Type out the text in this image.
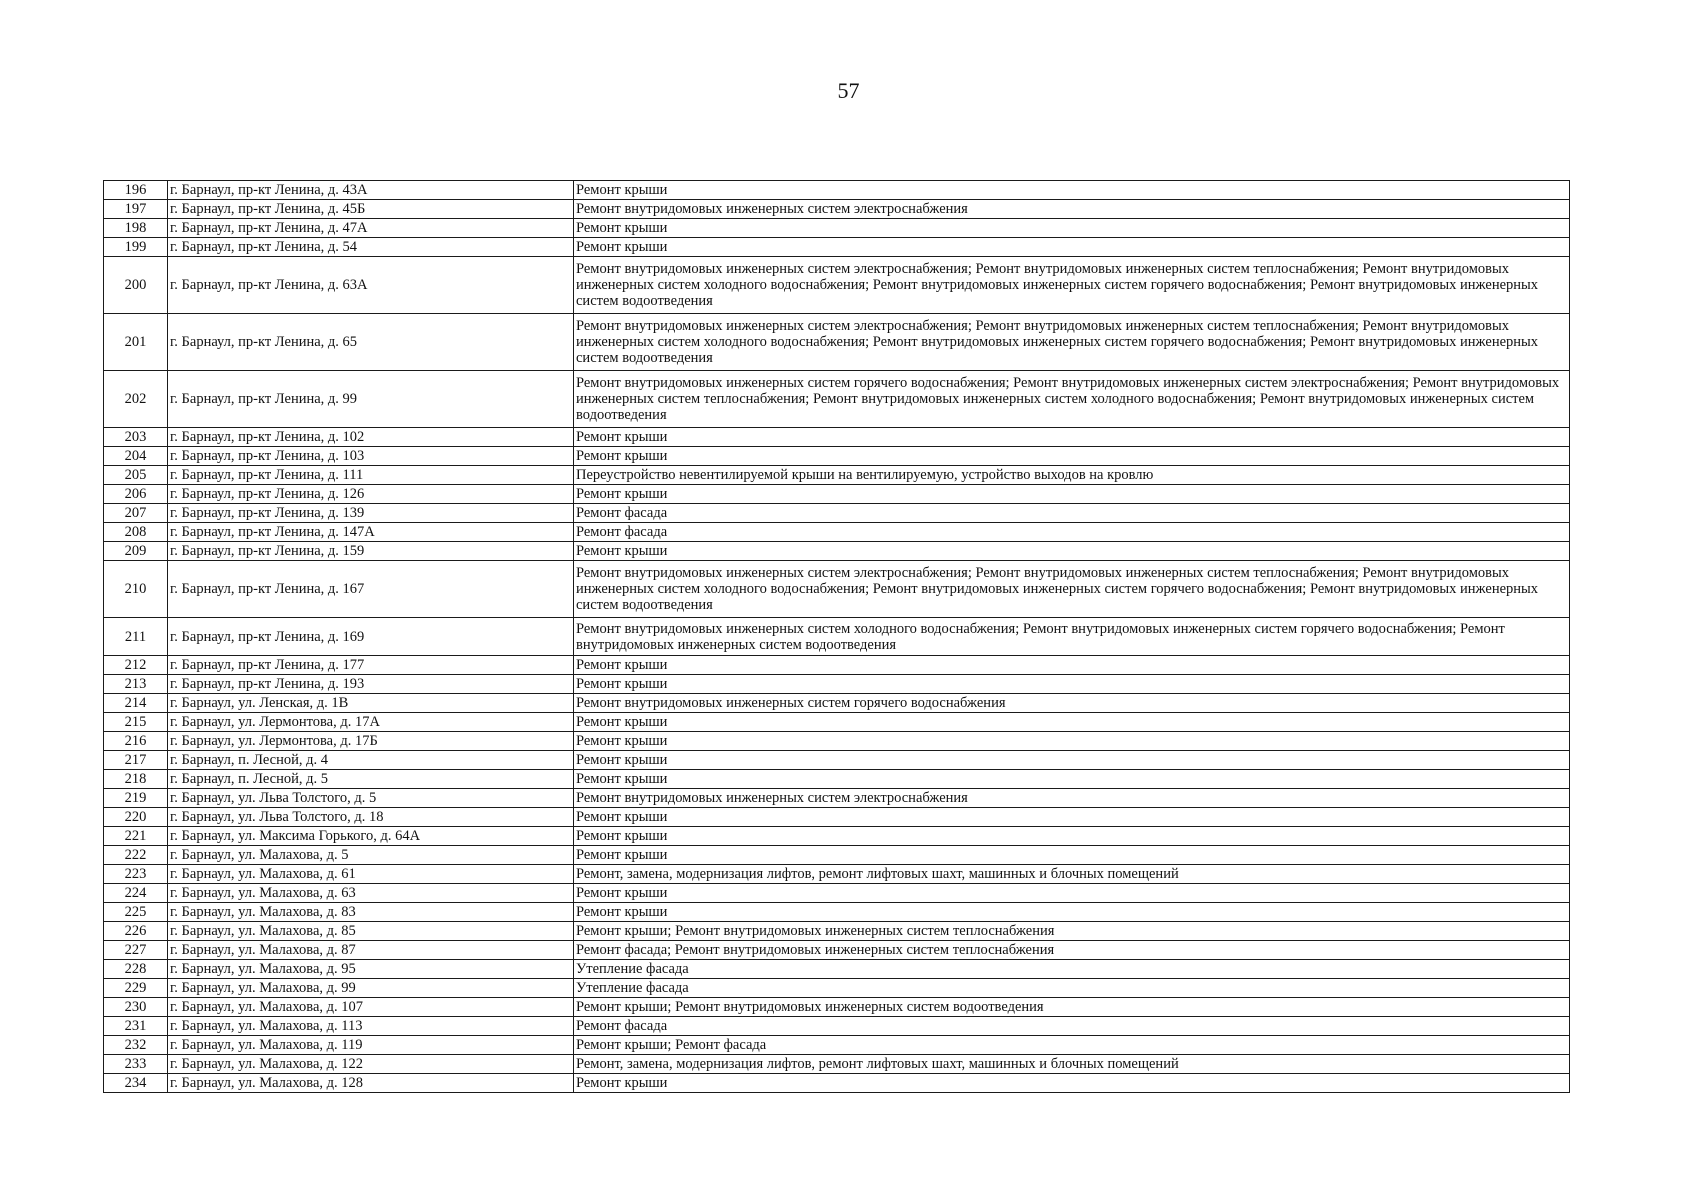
57
196	г. Барнаул, пр-кт Ленина, д. 43А	Ремонт крыши
197	г. Барнаул, пр-кт Ленина, д. 45Б	Ремонт внутридомовых инженерных систем электроснабжения
198	г. Барнаул, пр-кт Ленина, д. 47А	Ремонт крыши
199	г. Барнаул, пр-кт Ленина, д. 54	Ремонт крыши
200	г. Барнаул, пр-кт Ленина, д. 63А	Ремонт внутридомовых инженерных систем электроснабжения; Ремонт внутридомовых инженерных систем теплоснабжения; Ремонт внутридомовых инженерных систем холодного водоснабжения; Ремонт внутридомовых инженерных систем горячего водоснабжения; Ремонт внутридомовых инженерных систем водоотведения
201	г. Барнаул, пр-кт Ленина, д. 65	Ремонт внутридомовых инженерных систем электроснабжения; Ремонт внутридомовых инженерных систем теплоснабжения; Ремонт внутридомовых инженерных систем холодного водоснабжения; Ремонт внутридомовых инженерных систем горячего водоснабжения; Ремонт внутридомовых инженерных систем водоотведения
202	г. Барнаул, пр-кт Ленина, д. 99	Ремонт внутридомовых инженерных систем горячего водоснабжения; Ремонт внутридомовых инженерных систем электроснабжения; Ремонт внутридомовых инженерных систем теплоснабжения; Ремонт внутридомовых инженерных систем холодного водоснабжения; Ремонт внутридомовых инженерных систем водоотведения
203	г. Барнаул, пр-кт Ленина, д. 102	Ремонт крыши
204	г. Барнаул, пр-кт Ленина, д. 103	Ремонт крыши
205	г. Барнаул, пр-кт Ленина, д. 111	Переустройство невентилируемой крыши на вентилируемую, устройство выходов на кровлю
206	г. Барнаул, пр-кт Ленина, д. 126	Ремонт крыши
207	г. Барнаул, пр-кт Ленина, д. 139	Ремонт фасада
208	г. Барнаул, пр-кт Ленина, д. 147А	Ремонт фасада
209	г. Барнаул, пр-кт Ленина, д. 159	Ремонт крыши
210	г. Барнаул, пр-кт Ленина, д. 167	Ремонт внутридомовых инженерных систем электроснабжения; Ремонт внутридомовых инженерных систем теплоснабжения; Ремонт внутридомовых инженерных систем холодного водоснабжения; Ремонт внутридомовых инженерных систем горячего водоснабжения; Ремонт внутридомовых инженерных систем водоотведения
211	г. Барнаул, пр-кт Ленина, д. 169	Ремонт внутридомовых инженерных систем холодного водоснабжения; Ремонт внутридомовых инженерных систем горячего водоснабжения; Ремонт внутридомовых инженерных систем водоотведения
212	г. Барнаул, пр-кт Ленина, д. 177	Ремонт крыши
213	г. Барнаул, пр-кт Ленина, д. 193	Ремонт крыши
214	г. Барнаул, ул. Ленская, д. 1В	Ремонт внутридомовых инженерных систем горячего водоснабжения
215	г. Барнаул, ул. Лермонтова, д. 17А	Ремонт крыши
216	г. Барнаул, ул. Лермонтова, д. 17Б	Ремонт крыши
217	г. Барнаул, п. Лесной, д. 4	Ремонт крыши
218	г. Барнаул, п. Лесной, д. 5	Ремонт крыши
219	г. Барнаул, ул. Льва Толстого, д. 5	Ремонт внутридомовых инженерных систем электроснабжения
220	г. Барнаул, ул. Льва Толстого, д. 18	Ремонт крыши
221	г. Барнаул, ул. Максима Горького, д. 64А	Ремонт крыши
222	г. Барнаул, ул. Малахова, д. 5	Ремонт крыши
223	г. Барнаул, ул. Малахова, д. 61	Ремонт, замена, модернизация лифтов, ремонт лифтовых шахт, машинных и блочных помещений
224	г. Барнаул, ул. Малахова, д. 63	Ремонт крыши
225	г. Барнаул, ул. Малахова, д. 83	Ремонт крыши
226	г. Барнаул, ул. Малахова, д. 85	Ремонт крыши; Ремонт внутридомовых инженерных систем теплоснабжения
227	г. Барнаул, ул. Малахова, д. 87	Ремонт фасада; Ремонт внутридомовых инженерных систем теплоснабжения
228	г. Барнаул, ул. Малахова, д. 95	Утепление фасада
229	г. Барнаул, ул. Малахова, д. 99	Утепление фасада
230	г. Барнаул, ул. Малахова, д. 107	Ремонт крыши; Ремонт внутридомовых инженерных систем водоотведения
231	г. Барнаул, ул. Малахова, д. 113	Ремонт фасада
232	г. Барнаул, ул. Малахова, д. 119	Ремонт крыши; Ремонт фасада
233	г. Барнаул, ул. Малахова, д. 122	Ремонт, замена, модернизация лифтов, ремонт лифтовых шахт, машинных и блочных помещений
234	г. Барнаул, ул. Малахова, д. 128	Ремонт крыши
